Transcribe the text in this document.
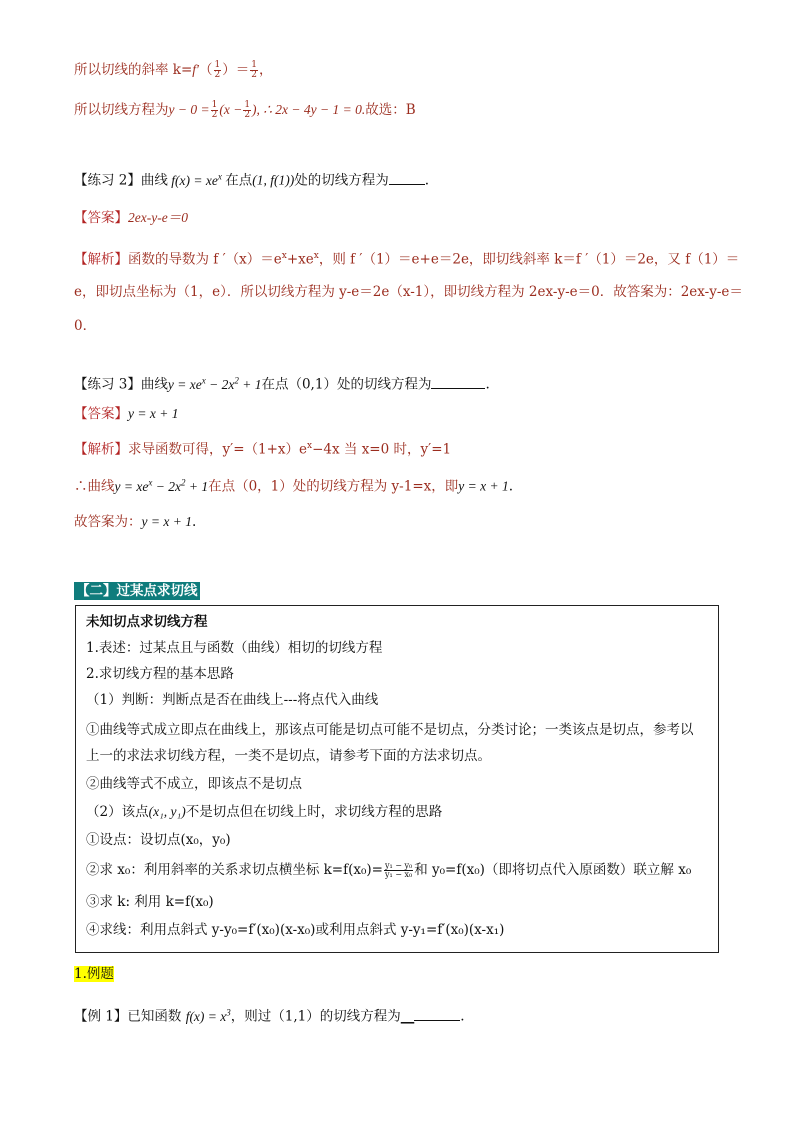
所以切线的斜率 $k=f'( \frac{1}{2}$ ）＝ $\frac{1}{2}$ ，
所以切线方程为$y - 0 = \frac{1}{2} (x - \frac{1}{2}$ ), ∴ 2x − 4y − 1 = 0.故选：B
【练习 2】曲线 $f(x) = xe^x$ 在点(1, f(1))处的切线方程为	.
【答案】2ex-y-e＝0
【解析】函数的导数为 f $'(x)=e^x+xe^x$，则 f ′（1）＝e+e＝2e，即切线斜率 k＝f ′（1）＝2e，又 f（1）＝
e，即切点坐标为（1，e）．所以切线方程为 y-e＝2e（x-1），即切线方程为 2ex-y-e＝0．故答案为：2ex-y-e＝
0．
【练习 3】曲线$y = xe^x - 2x^2 + 1$在点（0,1）处的切线方程为	.
【答案】y = x + 1
【解析】求导函数可得，$y'=(1+x)e^x-4x$ 当 x=0 时，y′=1
∴曲线$y = xe^x - 2x^2 + 1$在点（0，1）处的切线方程为 y-1=x，即y = x + 1.
故答案为：y = x + 1.
【二】过某点求切线
未知切点求切线方程
1.表述：过某点且与函数（曲线）相切的切线方程
2.求切线方程的基本思路
（1）判断：判断点是否在曲线上---将点代入曲线
①曲线等式成立即点在曲线上，那该点可能是切点可能不是切点，分类讨论；一类该点是切点，参考以
上一的求法求切线方程，一类不是切点，请参考下面的方法求切点。
②曲线等式不成立，即该点不是切点
（2）该点(x₁, y₁)不是切点但在切线上时，求切线方程的思路
①设点：设切点(x₀，y₀)
②求 x₀：利用斜率的关系求切点横坐标 $k=f(x_0)= \frac{\text{y₁ − y₀}}{\text{y₁ − x₀}}$ 和 y₀=f(x₀)（即将切点代入原函数）联立解 x₀
③求 k: 利用 k=f(x₀)
④求线：利用点斜式 y-y₀=f′(x₀)(x-x₀)或利用点斜式 y-y₁=f′(x₀)(x-x₁)
1.例题
【例 1】已知函数 $f(x) = x^3$，则过（1,1）的切线方程为__	.
